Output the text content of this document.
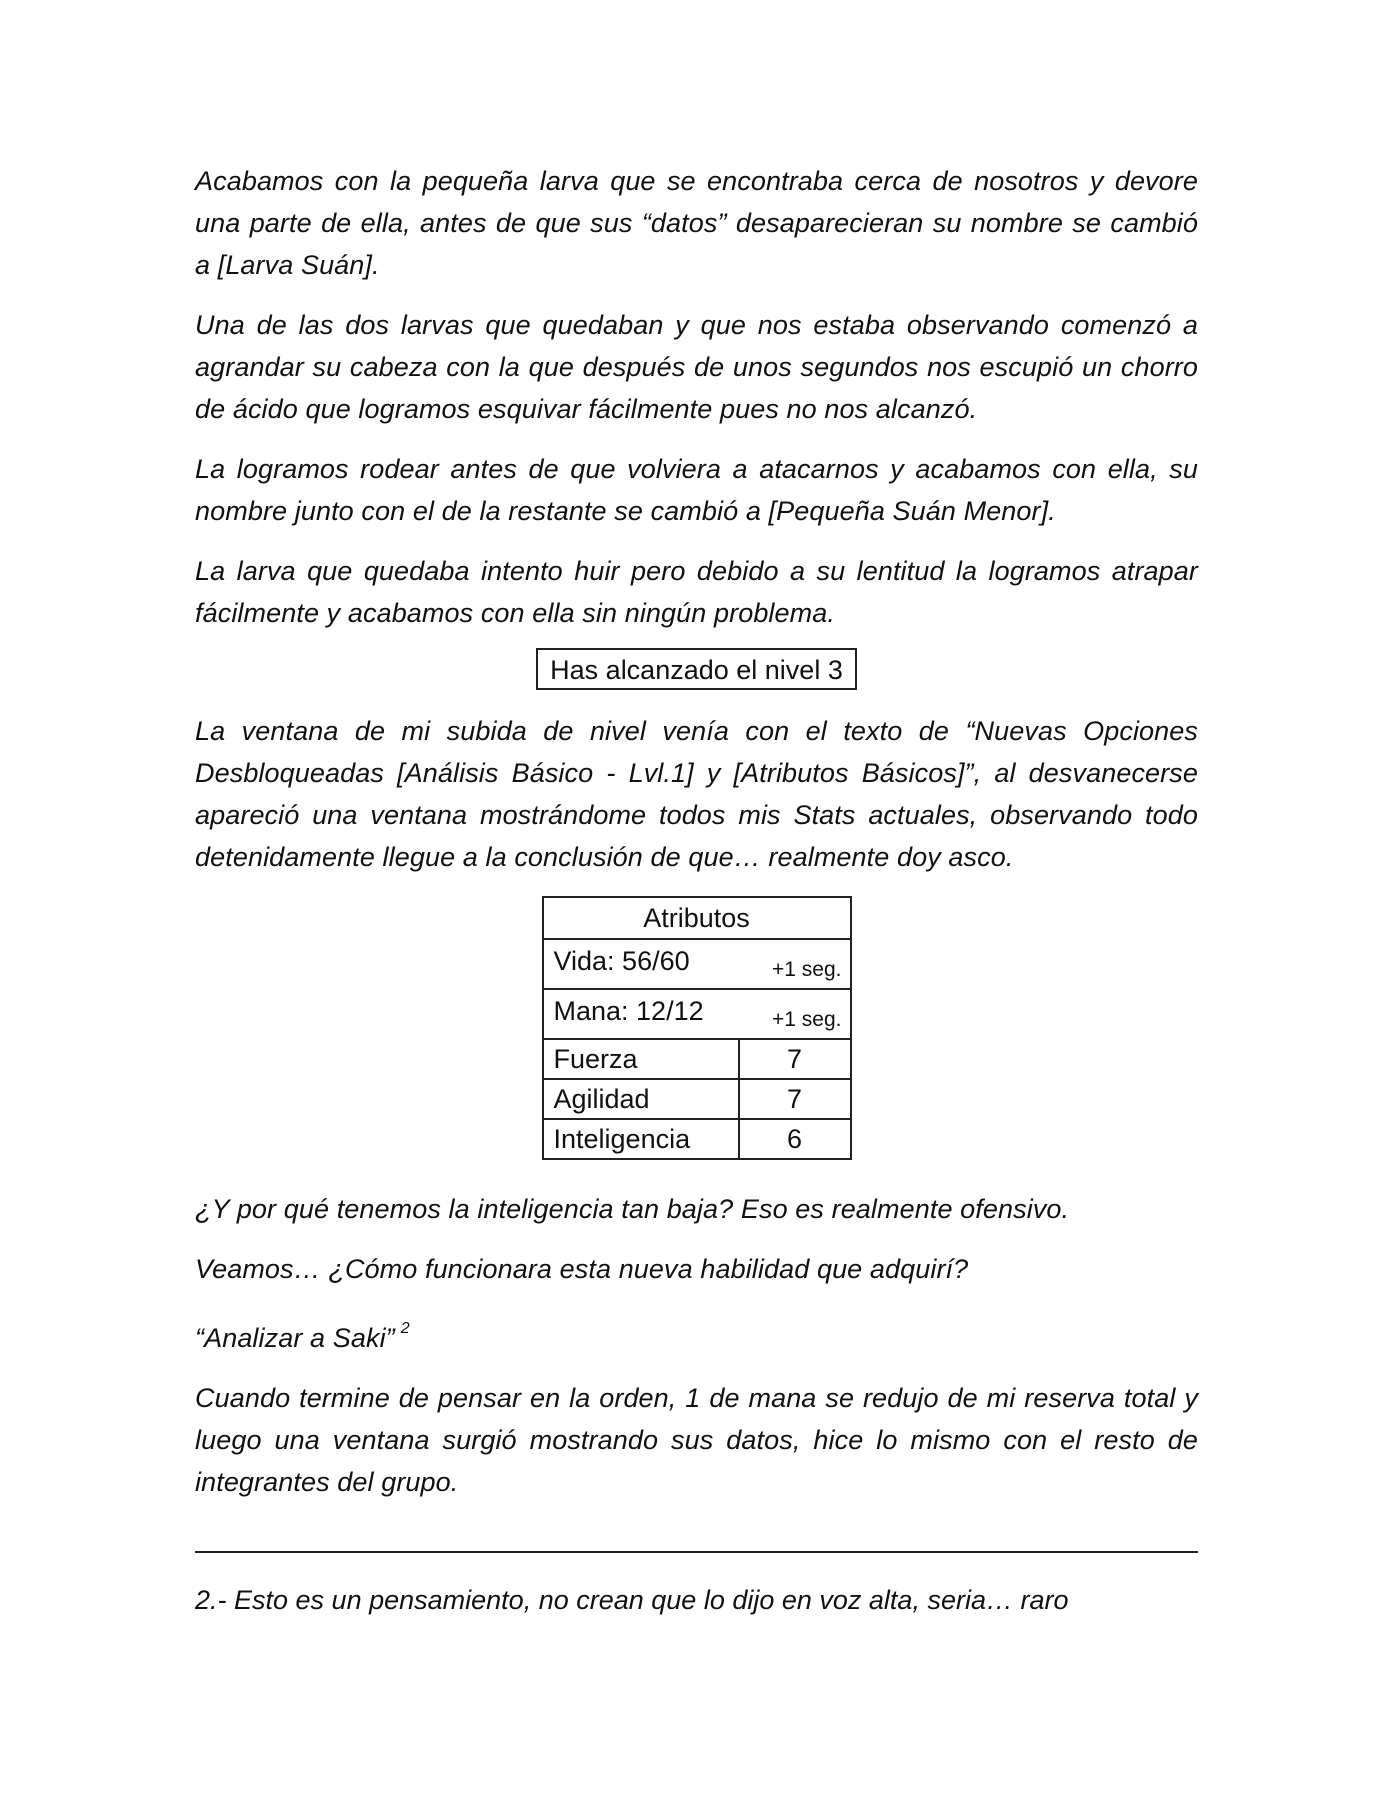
Acabamos con la pequeña larva que se encontraba cerca de nosotros y devore una parte de ella, antes de que sus “datos” desaparecieran su nombre se cambió a [Larva Suán].

Una de las dos larvas que quedaban y que nos estaba observando comenzó a agrandar su cabeza con la que después de unos segundos nos escupió un chorro de ácido que logramos esquivar fácilmente pues no nos alcanzó.

La logramos rodear antes de que volviera a atacarnos y acabamos con ella, su nombre junto con el de la restante se cambió a [Pequeña Suán Menor].

La larva que quedaba intento huir pero debido a su lentitud la logramos atrapar fácilmente y acabamos con ella sin ningún problema.

Has alcanzado el nivel 3

La ventana de mi subida de nivel venía con el texto de “Nuevas Opciones Desbloqueadas [Análisis Básico - Lvl.1] y [Atributos Básicos]”, al desvanecerse apareció una ventana mostrándome todos mis Stats actuales, observando todo detenidamente llegue a la conclusión de que… realmente doy asco.

Atributos	
Vida: 56/60 +1 seg.	

Mana: 12/12 +1 seg.	

Fuerza	7
Agilidad	7
Inteligencia	6

¿Y por qué tenemos la inteligencia tan baja? Eso es realmente ofensivo.

Veamos… ¿Cómo funcionara esta nueva habilidad que adquirí?

“Analizar a Saki” $^2$

Cuando termine de pensar en la orden, 1 de mana se redujo de mi reserva total y luego una ventana surgió mostrando sus datos, hice lo mismo con el resto de integrantes del grupo.

2.- Esto es un pensamiento, no crean que lo dijo en voz alta, seria… raro
